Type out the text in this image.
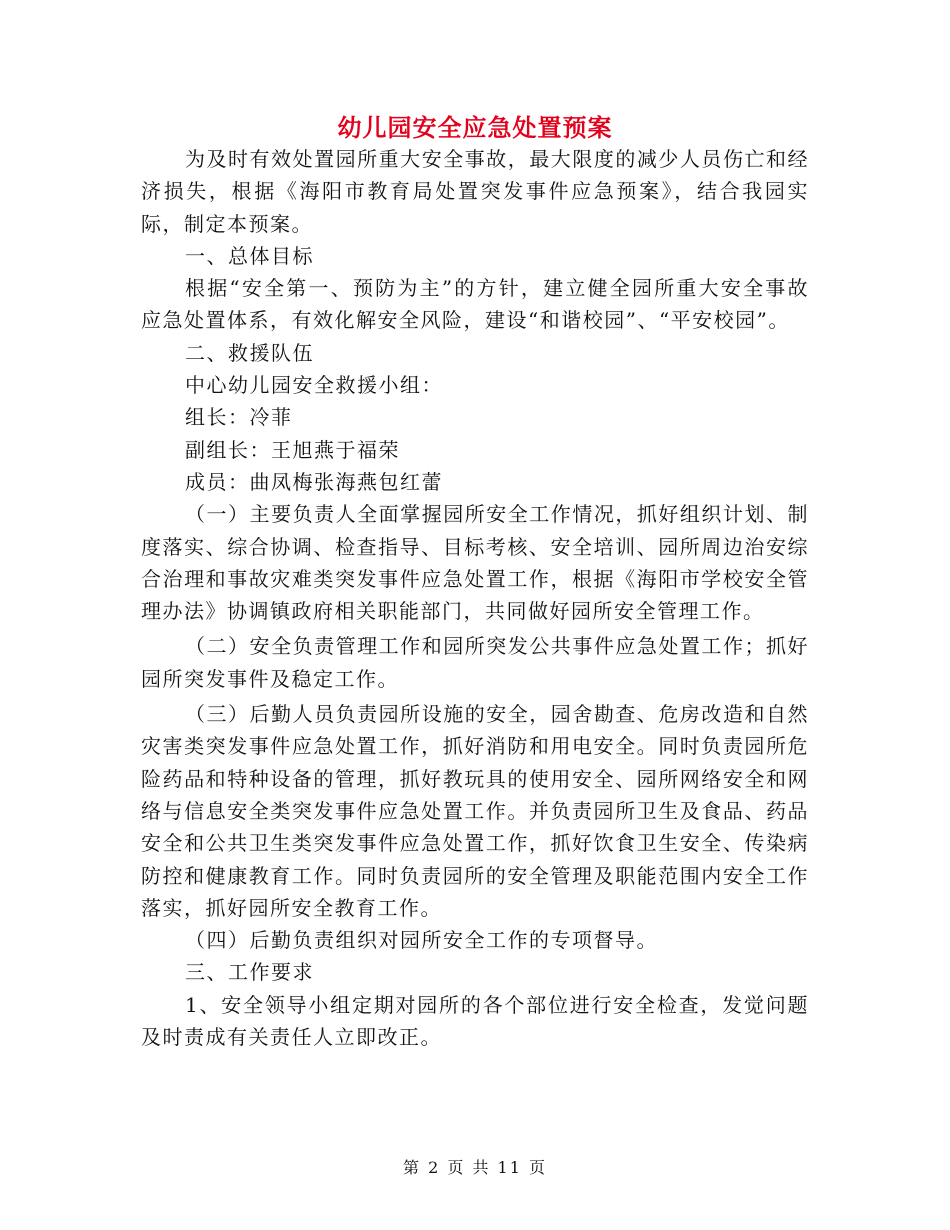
幼儿园安全应急处置预案

为及时有效处置园所重大安全事故，最大限度的减少人员伤亡和经济损失，根据《海阳市教育局处置突发事件应急预案》，结合我园实际，制定本预案。

一、总体目标

根据“安全第一、预防为主”的方针，建立健全园所重大安全事故应急处置体系，有效化解安全风险，建设“和谐校园”、“平安校园”。

二、救援队伍

中心幼儿园安全救援小组：

组长：冷菲

副组长：王旭燕于福荣

成员：曲凤梅张海燕包红蕾

（一）主要负责人全面掌握园所安全工作情况，抓好组织计划、制度落实、综合协调、检查指导、目标考核、安全培训、园所周边治安综合治理和事故灾难类突发事件应急处置工作，根据《海阳市学校安全管理办法》协调镇政府相关职能部门，共同做好园所安全管理工作。

（二）安全负责管理工作和园所突发公共事件应急处置工作；抓好园所突发事件及稳定工作。

（三）后勤人员负责园所设施的安全，园舍勘查、危房改造和自然灾害类突发事件应急处置工作，抓好消防和用电安全。同时负责园所危险药品和特种设备的管理，抓好教玩具的使用安全、园所网络安全和网络与信息安全类突发事件应急处置工作。并负责园所卫生及食品、药品安全和公共卫生类突发事件应急处置工作，抓好饮食卫生安全、传染病防控和健康教育工作。同时负责园所的安全管理及职能范围内安全工作落实，抓好园所安全教育工作。

（四）后勤负责组织对园所安全工作的专项督导。

三、工作要求

1、安全领导小组定期对园所的各个部位进行安全检查，发觉问题及时责成有关责任人立即改正。

第 2 页 共 11 页
